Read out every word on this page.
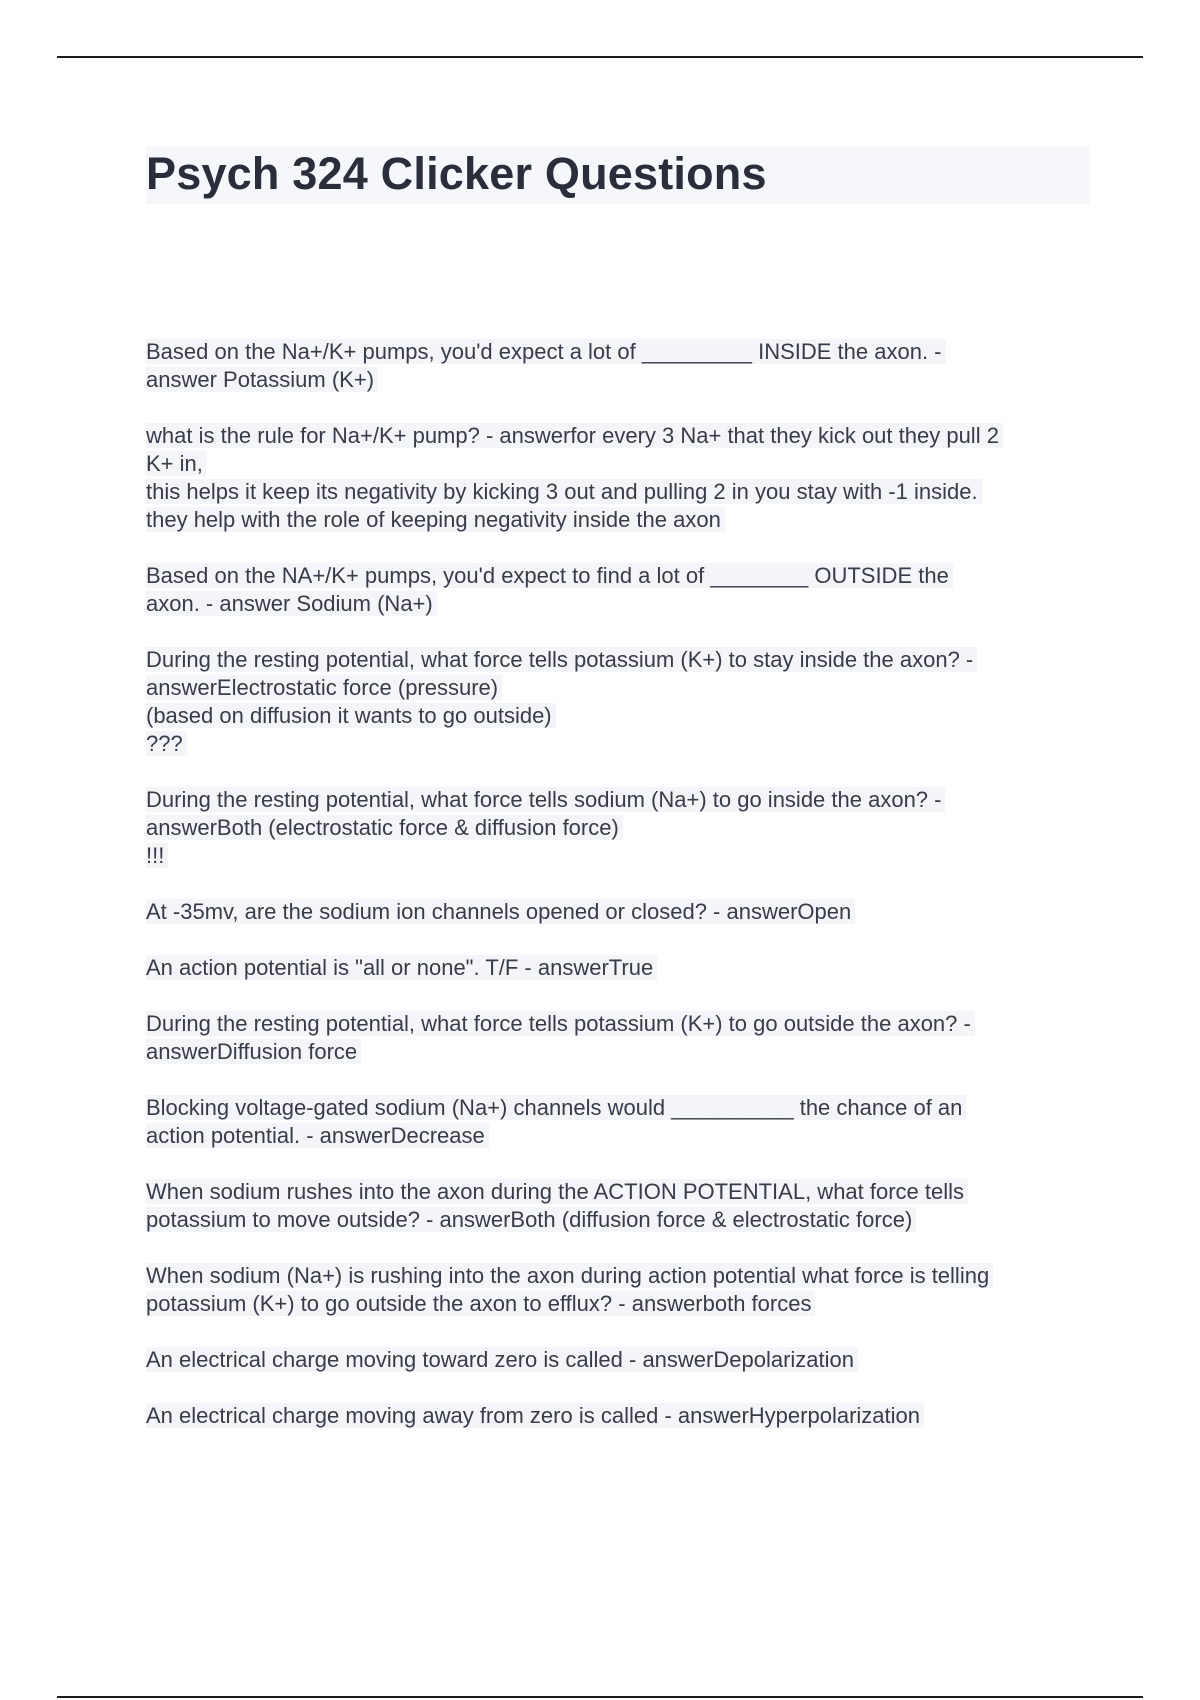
Psych 324 Clicker Questions

Based on the Na+/K+ pumps, you'd expect a lot of _________ INSIDE the axon. -
answer Potassium (K+)

what is the rule for Na+/K+ pump? - answerfor every 3 Na+ that they kick out they pull 2
K+ in,
this helps it keep its negativity by kicking 3 out and pulling 2 in you stay with -1 inside.
they help with the role of keeping negativity inside the axon

Based on the NA+/K+ pumps, you'd expect to find a lot of ________ OUTSIDE the
axon. - answer Sodium (Na+)

During the resting potential, what force tells potassium (K+) to stay inside the axon? -
answerElectrostatic force (pressure)
(based on diffusion it wants to go outside)
???

During the resting potential, what force tells sodium (Na+) to go inside the axon? -
answerBoth (electrostatic force & diffusion force)
!!!

At -35mv, are the sodium ion channels opened or closed? - answerOpen

An action potential is "all or none". T/F - answerTrue

During the resting potential, what force tells potassium (K+) to go outside the axon? -
answerDiffusion force

Blocking voltage-gated sodium (Na+) channels would __________ the chance of an
action potential. - answerDecrease

When sodium rushes into the axon during the ACTION POTENTIAL, what force tells
potassium to move outside? - answerBoth (diffusion force & electrostatic force)

When sodium (Na+) is rushing into the axon during action potential what force is telling
potassium (K+) to go outside the axon to efflux? - answerboth forces

An electrical charge moving toward zero is called - answerDepolarization

An electrical charge moving away from zero is called - answerHyperpolarization
